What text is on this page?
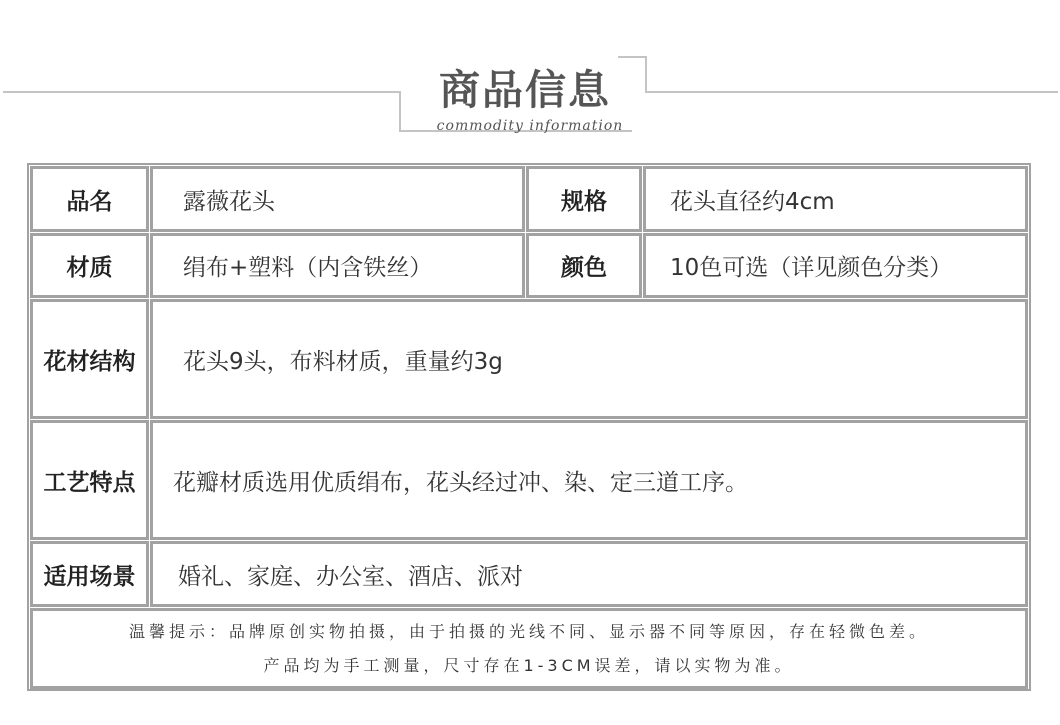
商品信息
commodity information
品名	露薇花头	规格	花头直径约4cm
材质	绢布+塑料（内含铁丝）	颜色	10色可选（详见颜色分类）
花材结构 花头9头，布料材质，重量约3g
工艺特点 花瓣材质选用优质绢布，花头经过冲、染、定三道工序。
适用场景 婚礼、家庭、办公室、酒店、派对
温馨提示：品牌原创实物拍摄，由于拍摄的光线不同、显示器不同等原因，存在轻微色差。
产品均为手工测量，尺寸存在1-3CM误差，请以实物为准。
